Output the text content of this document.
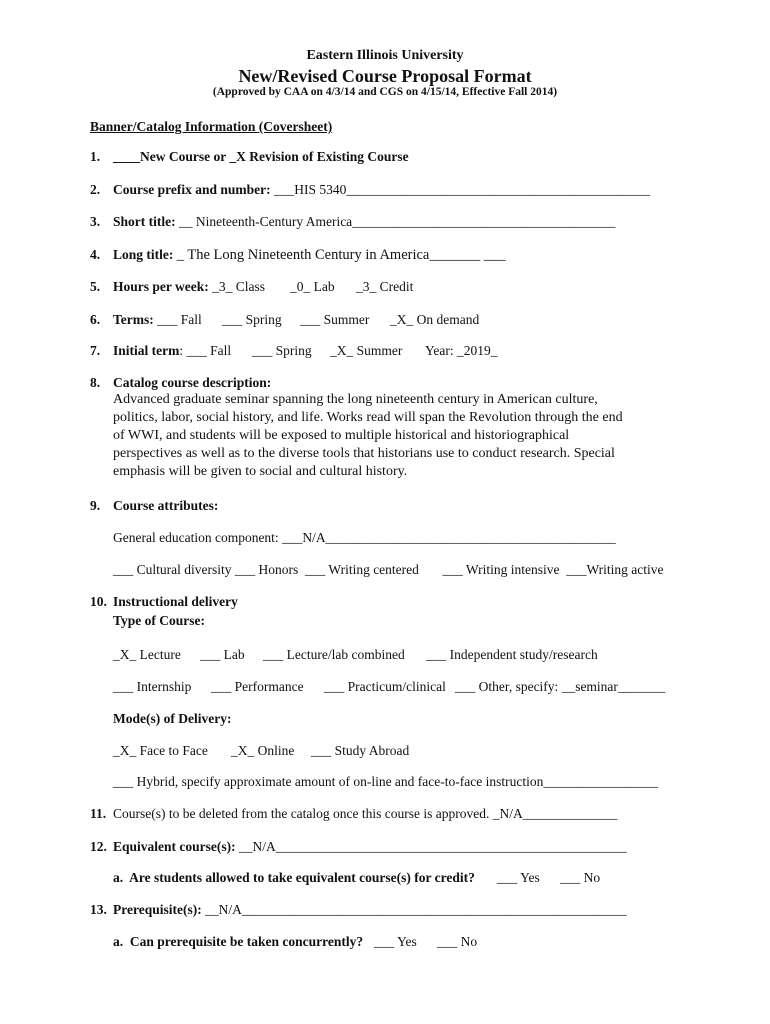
Eastern Illinois University
New/Revised Course Proposal Format
(Approved by CAA on 4/3/14 and CGS on 4/15/14, Effective Fall 2014)
Banner/Catalog Information (Coversheet)
1. ____New Course or _X Revision of Existing Course
2. Course prefix and number: ___HIS 5340_____________________________________________
3. Short title: __ Nineteenth-Century America_______________________________________
4. Long title: _ The Long Nineteenth Century in America_______ ___
5. Hours per week: _3_ Class _0_ Lab _3_ Credit
6. Terms: ___ Fall ___ Spring ___ Summer _X_ On demand
7. Initial term: ___ Fall ___ Spring _X_ Summer Year: _2019_
8. Catalog course description:

Advanced graduate seminar spanning the long nineteenth century in American culture,

politics, labor, social history, and life. Works read will span the Revolution through the end

of WWI, and students will be exposed to multiple historical and historiographical

perspectives as well as to the diverse tools that historians use to conduct research. Special

emphasis will be given to social and cultural history.

9. Course attributes:
General education component: ___N/A___________________________________________
___ Cultural diversity ___ Honors  ___ Writing centered       ___ Writing intensive  ___Writing active
10. Instructional delivery
Type of Course:
_X_ Lecture ___ Lab ___ Lecture/lab combined ___ Independent study/research
___ Internship ___ Performance ___ Practicum/clinical ___ Other, specify: __seminar_______
Mode(s) of Delivery:
_X_ Face to Face _X_ Online ___ Study Abroad
___ Hybrid, specify approximate amount of on-line and face-to-face instruction_________________
11. Course(s) to be deleted from the catalog once this course is approved. _N/A______________
12. Equivalent course(s): __N/A____________________________________________________
a.  Are students allowed to take equivalent course(s) for credit? ___ Yes ___ No
13. Prerequisite(s): __N/A_________________________________________________________
a.  Can prerequisite be taken concurrently? ___ Yes ___ No
